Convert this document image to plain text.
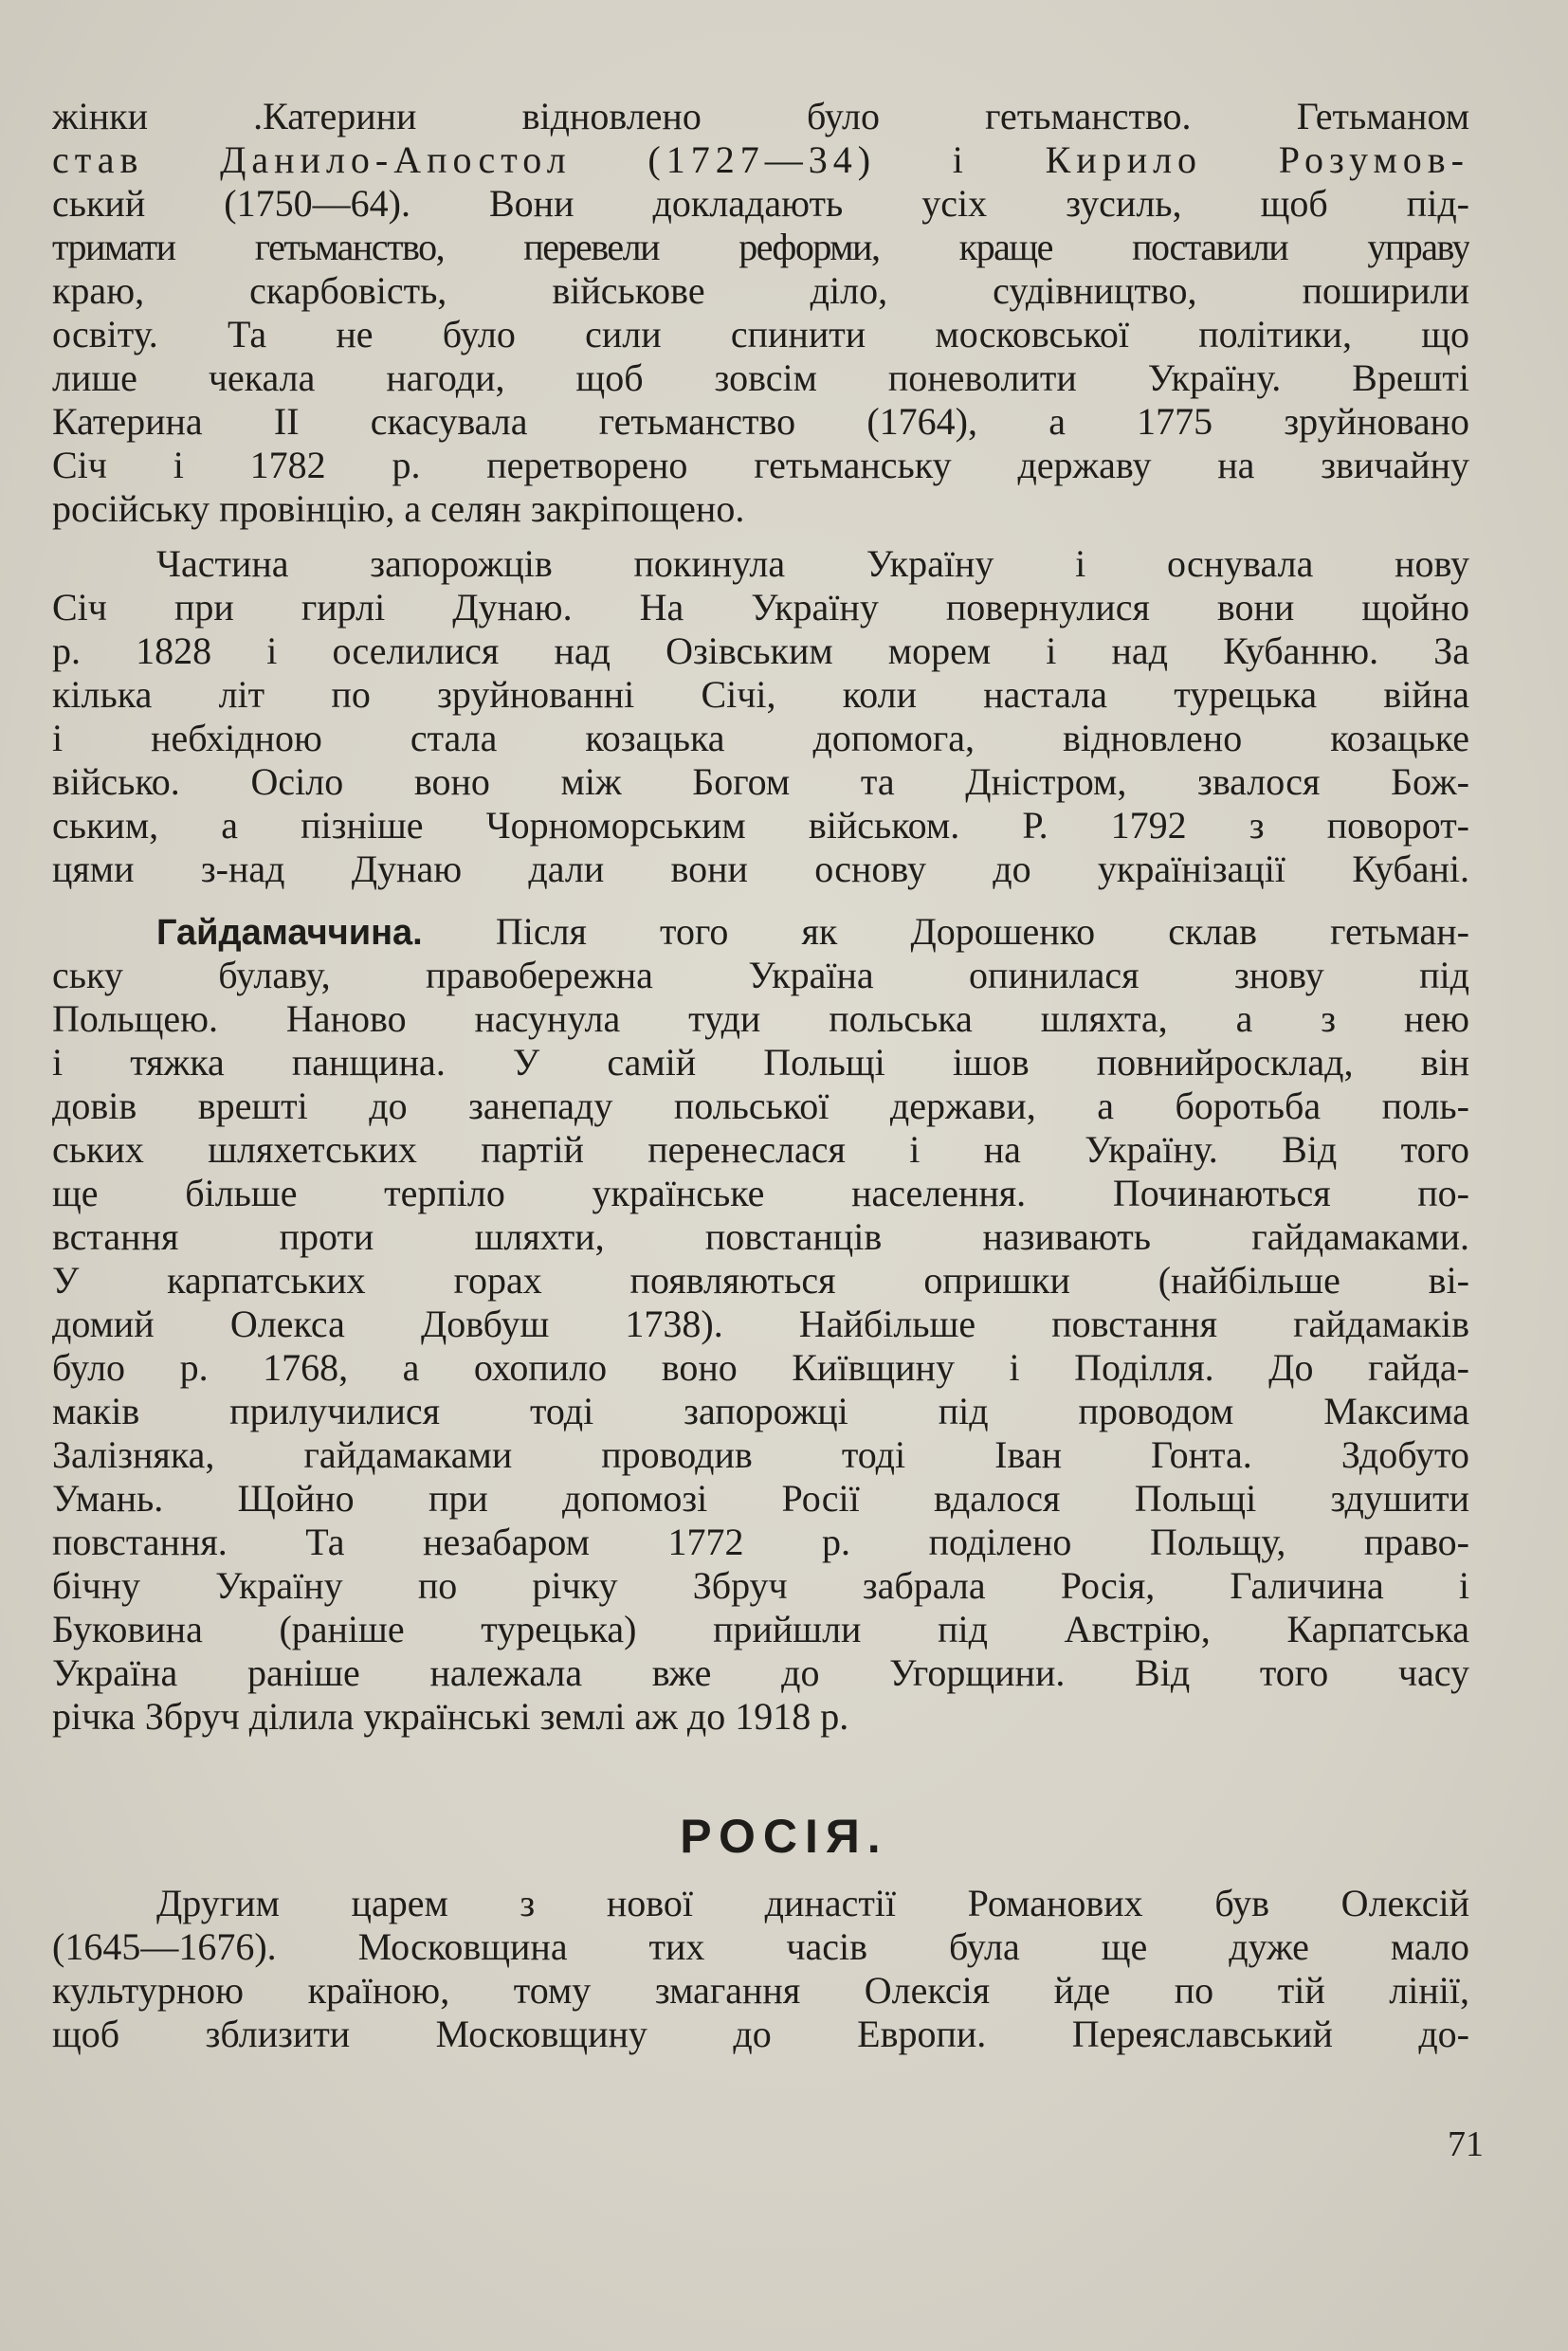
жінки .Катерини відновлено було гетьманство. Гетьманом
став Данило-Апостол (1727—34) і Кирило Розумов-
ський (1750—64). Вони докладають усіх зусиль, щоб під-
тримати гетьманство, перевели реформи, краще поставили управу
краю, скарбовість, військове діло, судівництво, поширили
освіту. Та не було сили спинити московської політики, що
лише чекала нагоди, щоб зовсім поневолити Україну. Врешті
Катерина II скасувала гетьманство (1764), а 1775 зруйновано
Січ і 1782 р. перетворено гетьманську державу на звичайну
російську провінцію, а селян закріпощено.
Частина запорожців покинула Україну і оснувала нову
Січ при гирлі Дунаю. На Україну повернулися вони щойно
р. 1828 і оселилися над Озівським морем і над Кубанню. За
кілька літ по зруйнованні Січі, коли настала турецька війна
і небхідною стала козацька допомога, відновлено козацьке
військо. Осіло воно між Богом та Дністром, звалося Бож-
ським, а пізніше Чорноморським військом. Р. 1792 з поворот-
цями з-над Дунаю дали вони основу до українізації Кубані.
Гайдамаччина. Після того як Дорошенко склав гетьман-
ську булаву, правобережна Україна опинилася знову під
Польщею. Наново насунула туди польська шляхта, а з нею
і тяжка панщина. У самій Польщі ішов повнийросклад, він
довів врешті до занепаду польської держави, а боротьба поль-
ських шляхетських партій перенеслася і на Україну. Від того
ще більше терпіло українське населення. Починаються по-
встання проти шляхти, повстанців називають гайдамаками.
У карпатських горах появляються опришки (найбільше ві-
домий Олекса Довбуш 1738). Найбільше повстання гайдамаків
було р. 1768, а охопило воно Київщину і Поділля. До гайда-
маків прилучилися тоді запорожці під проводом Максима
Залізняка, гайдамаками проводив тоді Іван Гонта. Здобуто
Умань. Щойно при допомозі Росії вдалося Польщі здушити
повстання. Та незабаром 1772 р. поділено Польщу, право-
бічну Україну по річку Збруч забрала Росія, Галичина і
Буковина (раніше турецька) прийшли під Австрію, Карпатська
Україна раніше належала вже до Угорщини. Від того часу
річка Збруч ділила українські землі аж до 1918 р.
РОСІЯ.
Другим царем з нової династії Романових був Олексій
(1645—1676). Московщина тих часів була ще дуже мало
культурною країною, тому змагання Олексія йде по тій лінії,
щоб зблизити Московщину до Европи. Переяславський до-
71
